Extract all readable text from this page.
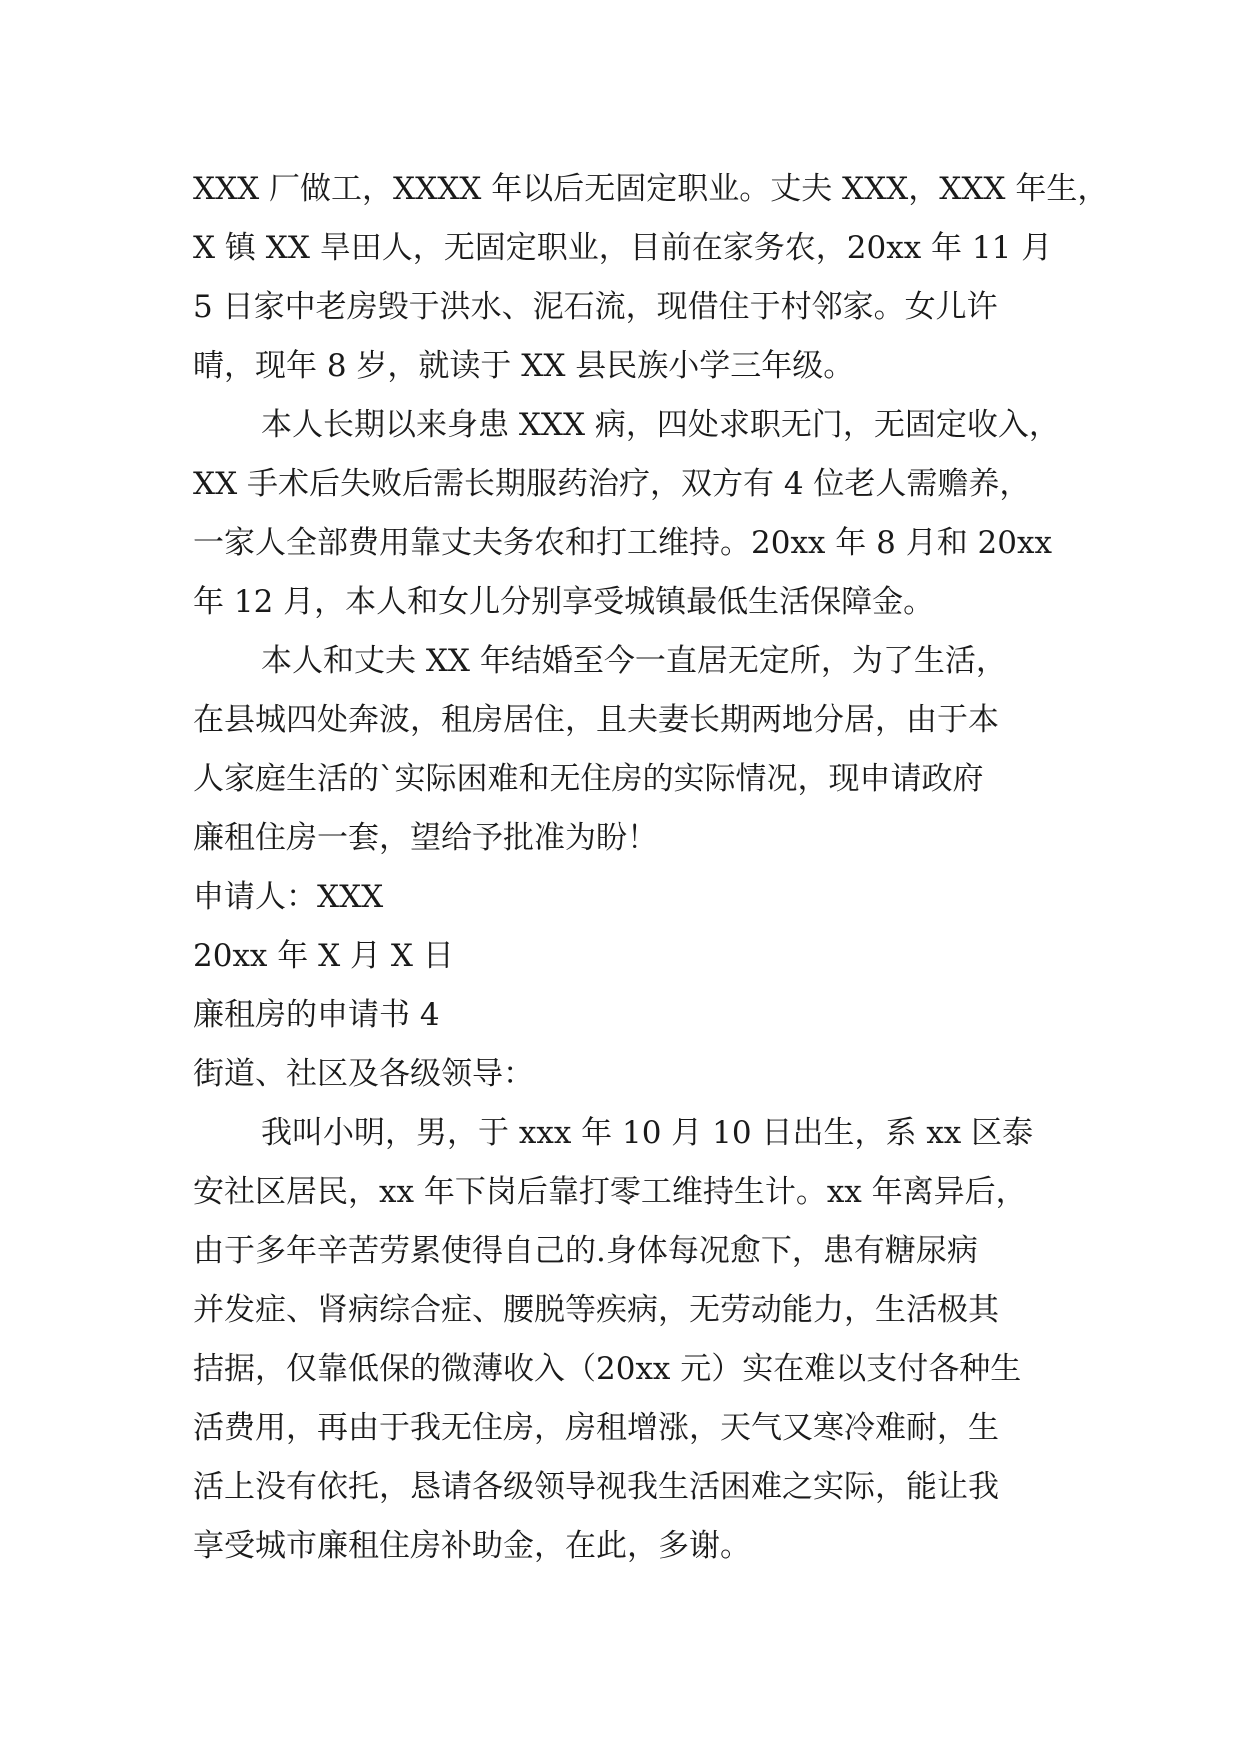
XXX 厂做工，XXXX 年以后无固定职业。丈夫 XXX，XXX 年生，
X 镇 XX 旱田人，无固定职业，目前在家务农，20xx 年 11 月
5 日家中老房毁于洪水、泥石流，现借住于村邻家。女儿许
晴，现年 8 岁，就读于 XX 县民族小学三年级。
本人长期以来身患 XXX 病，四处求职无门，无固定收入，
XX 手术后失败后需长期服药治疗，双方有 4 位老人需赡养，
一家人全部费用靠丈夫务农和打工维持。20xx 年 8 月和 20xx
年 12 月，本人和女儿分别享受城镇最低生活保障金。
本人和丈夫 XX 年结婚至今一直居无定所，为了生活，
在县城四处奔波，租房居住，且夫妻长期两地分居，由于本
人家庭生活的`实际困难和无住房的实际情况，现申请政府
廉租住房一套，望给予批准为盼！
申请人：XXX
20xx 年 X 月 X 日
廉租房的申请书 4
街道、社区及各级领导：
我叫小明，男，于 xxx 年 10 月 10 日出生，系 xx 区泰
安社区居民，xx 年下岗后靠打零工维持生计。xx 年离异后，
由于多年辛苦劳累使得自己的.身体每况愈下，患有糖尿病
并发症、肾病综合症、腰脱等疾病，无劳动能力，生活极其
拮据，仅靠低保的微薄收入（20xx 元）实在难以支付各种生
活费用，再由于我无住房，房租增涨，天气又寒冷难耐，生
活上没有依托，恳请各级领导视我生活困难之实际，能让我
享受城市廉租住房补助金，在此，多谢。
